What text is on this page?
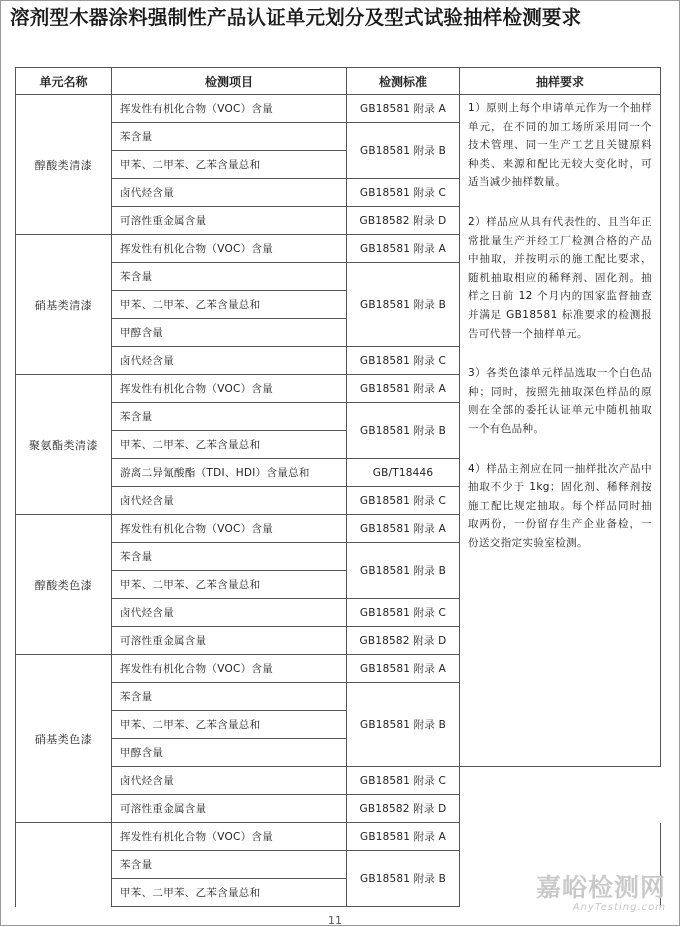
溶剂型木器涂料强制性产品认证单元划分及型式试验抽样检测要求
单元名称	检测项目	检测标准	抽样要求
醇酸类清漆	挥发性有机化合物（VOC）含量	GB18581 附录 A	1）原则上每个申请单元作为一个抽样单元，在不同的加工场所采用同一个技术管理、同一生产工艺且关键原料种类、来源和配比无较大变化时，可适当减少抽样数量。

2）样品应从具有代表性的、且当年正常批量生产并经工厂检测合格的产品中抽取，并按明示的施工配比要求，随机抽取相应的稀释剂、固化剂。抽样之日前 12 个月内的国家监督抽查并满足 GB18581 标准要求的检测报告可代替一个抽样单元。

3）各类色漆单元样品选取一个白色品种；同时，按照先抽取深色样品的原则在全部的委托认证单元中随机抽取一个有色品种。

4）样品主剂应在同一抽样批次产品中抽取不少于 1kg；固化剂、稀释剂按施工配比规定抽取。每个样品同时抽取两份，一份留存生产企业备检，一份送交指定实验室检测。

	苯含量	GB18581 附录 B	
	甲苯、二甲苯、乙苯含量总和		
	卤代烃含量	GB18581 附录 C	
	可溶性重金属含量	GB18582 附录 D	
硝基类清漆	挥发性有机化合物（VOC）含量	GB18581 附录 A	
	苯含量	GB18581 附录 B	
	甲苯、二甲苯、乙苯含量总和		
	甲醇含量		
	卤代烃含量	GB18581 附录 C	
聚氨酯类清漆	挥发性有机化合物（VOC）含量	GB18581 附录 A	
	苯含量	GB18581 附录 B	
	甲苯、二甲苯、乙苯含量总和		
	游离二异氰酸酯（TDI、HDI）含量总和	GB/T18446	
	卤代烃含量	GB18581 附录 C	
醇酸类色漆	挥发性有机化合物（VOC）含量	GB18581 附录 A	
	苯含量	GB18581 附录 B	
	甲苯、二甲苯、乙苯含量总和		
	卤代烃含量	GB18581 附录 C	
	可溶性重金属含量	GB18582 附录 D	
硝基类色漆	挥发性有机化合物（VOC）含量	GB18581 附录 A	
	苯含量	GB18581 附录 B	
	甲苯、二甲苯、乙苯含量总和		
	甲醇含量		
	卤代烃含量	GB18581 附录 C	
	可溶性重金属含量	GB18582 附录 D	
	挥发性有机化合物（VOC）含量	GB18581 附录 A	
	苯含量	GB18581 附录 B	
	甲苯、二甲苯、乙苯含量总和			嘉峪检测网
AnyTesting.com
11
